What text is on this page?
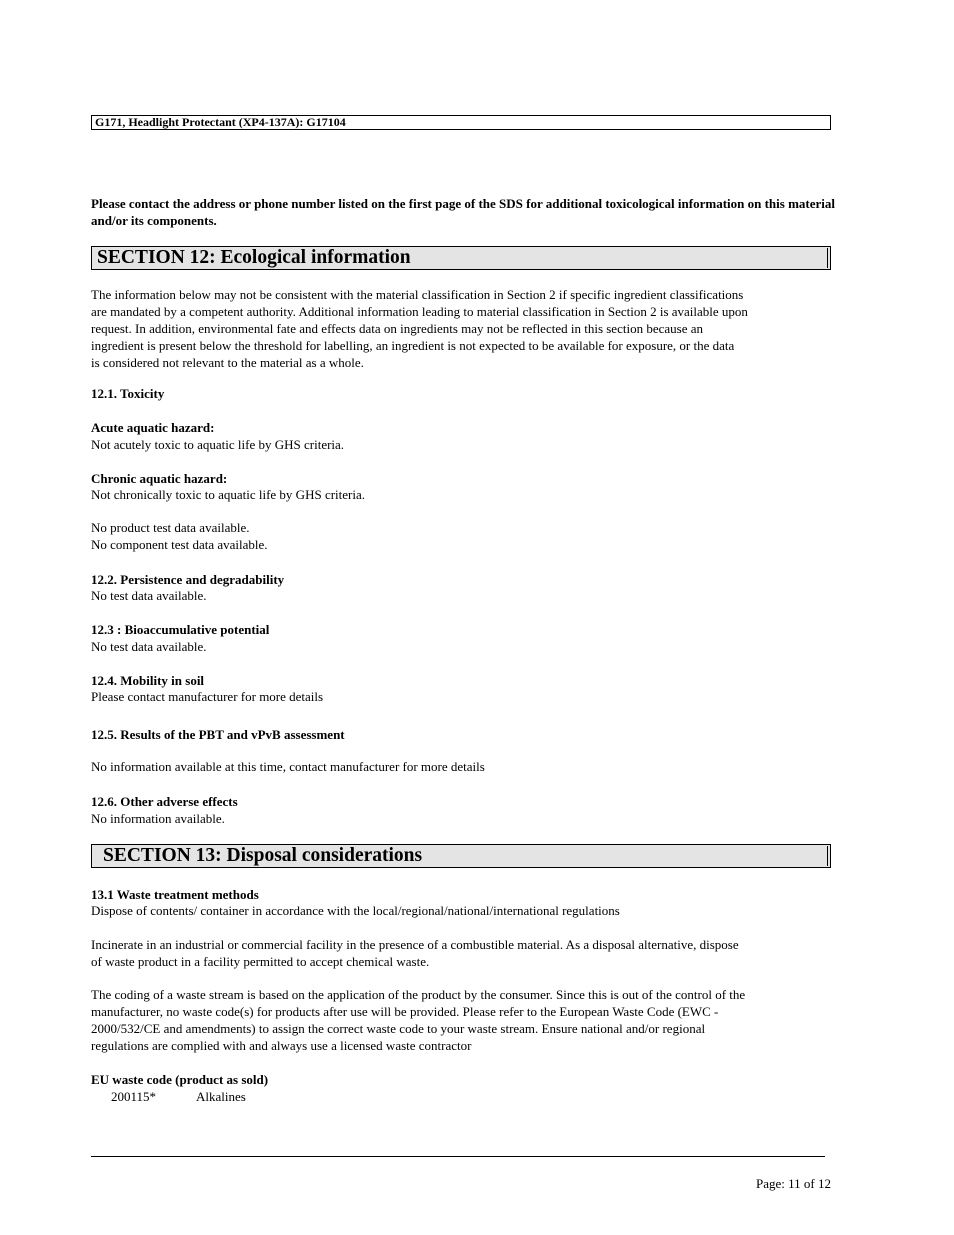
G171, Headlight Protectant (XP4-137A): G17104
Please contact the address or phone number listed on the first page of the SDS for additional toxicological information on this material and/or its components.
SECTION 12: Ecological information
The information below may not be consistent with the material classification in Section 2 if specific ingredient classifications
are mandated by a competent authority. Additional information leading to material classification in Section 2 is available upon
request. In addition, environmental fate and effects data on ingredients may not be reflected in this section because an
ingredient is present below the threshold for labelling, an ingredient is not expected to be available for exposure, or the data
is considered not relevant to the material as a whole.
12.1. Toxicity
Acute aquatic hazard:
Not acutely toxic to aquatic life by GHS criteria.
Chronic aquatic hazard:
Not chronically toxic to aquatic life by GHS criteria.
No product test data available.
No component test data available.
12.2. Persistence and degradability
No test data available.
12.3 : Bioaccumulative potential
No test data available.
12.4. Mobility in soil
Please contact manufacturer for more details
12.5. Results of the PBT and vPvB assessment
No information available at this time, contact manufacturer for more details
12.6. Other adverse effects
No information available.
SECTION 13: Disposal considerations
13.1 Waste treatment methods
Dispose of contents/ container in accordance with the local/regional/national/international regulations
Incinerate in an industrial or commercial facility in the presence of a combustible material. As a disposal alternative, dispose
of waste product in a facility permitted to accept chemical waste.
The coding of a waste stream is based on the application of the product by the consumer. Since this is out of the control of the
manufacturer, no waste code(s) for products after use will be provided. Please refer to the European Waste Code (EWC -
2000/532/CE and amendments) to assign the correct waste code to your waste stream. Ensure national and/or regional
regulations are complied with and always use a licensed waste contractor
EU waste code (product as sold)
200115*	Alkalines
Page: 11 of 12
